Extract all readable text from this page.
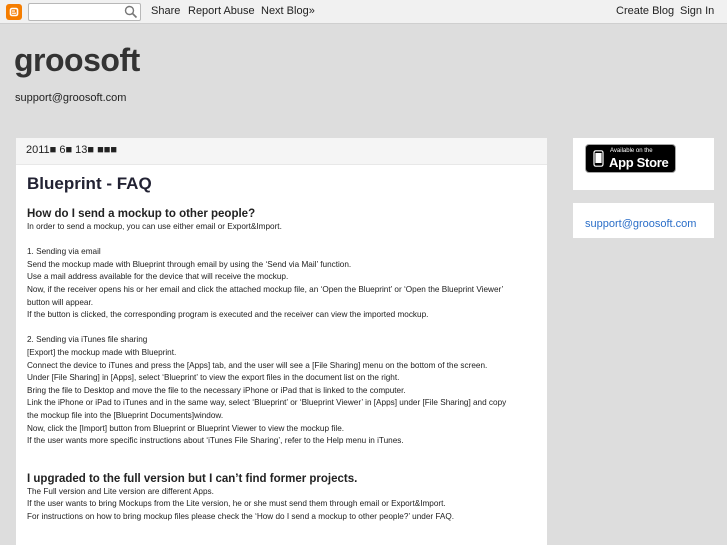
Share Report Abuse Next Blog»	Create Blog Sign In
groosoft
support@groosoft.com
2011■ 6■ 13■ ■■■
Blueprint - FAQ
How do I send a mockup to other people?
In order to send a mockup, you can use either email or Export&Import.
1. Sending via email
Send the mockup made with Blueprint through email by using the ‘Send via Mail’ function.
Use a mail address available for the device that will receive the mockup.
Now, if the receiver opens his or her email and click the attached mockup file, an ‘Open the Blueprint’ or ‘Open the Blueprint Viewer’
button will appear.
If the button is clicked, the corresponding program is executed and the receiver can view the imported mockup.
2. Sending via iTunes file sharing
[Export] the mockup made with Blueprint.
Connect the device to iTunes and press the [Apps] tab, and the user will see a [File Sharing] menu on the bottom of the screen.
Under [File Sharing] in [Apps], select ‘Blueprint’ to view the export files in the document list on the right.
Bring the file to Desktop and move the file to the necessary iPhone or iPad that is linked to the computer.
Link the iPhone or iPad to iTunes and in the same way, select ‘Blueprint’ or ‘Blueprint Viewer’ in [Apps] under [File Sharing] and copy
the mockup file into the [Blueprint Documents]window.
Now, click the [Import] button from Blueprint or Blueprint Viewer to view the mockup file.
If the user wants more specific instructions about ‘iTunes File Sharing’, refer to the Help menu in iTunes.
I upgraded to the full version but I can’t find former projects.
The Full version and Lite version are different Apps.
If the user wants to bring Mockups from the Lite version, he or she must send them through email or Export&Import.
For instructions on how to bring mockup files please check the ‘How do I send a mockup to other people?’ under FAQ.
Available on the
App Store
support@groosoft.com
